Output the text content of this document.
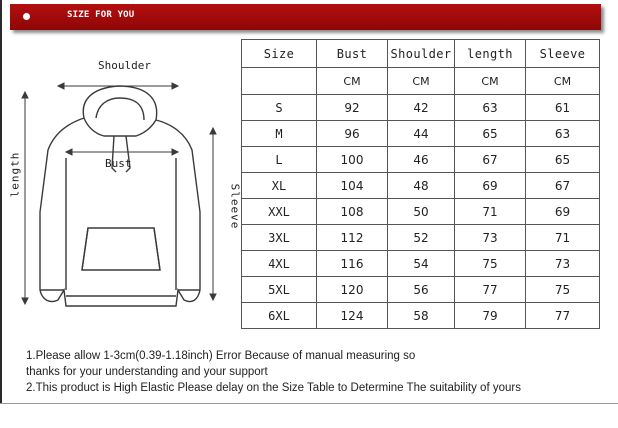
SIZE FOR YOU
Shoulder
Bust
length
Sleeve
Size	Bust	Shoulder	length	Sleeve
	CM	CM	CM	CM
S	92	42	63	61
M	96	44	65	63
L	100	46	67	65
XL	104	48	69	67
XXL	108	50	71	69
3XL	112	52	73	71
4XL	116	54	75	73
5XL	120	56	77	75
6XL	124	58	79	77
1.Please allow 1-3cm(0.39-1.18inch) Error Because of manual measuring so
thanks for your understanding and your support
2.This product is High Elastic Please delay on the Size Table to Determine The suitability of yours
